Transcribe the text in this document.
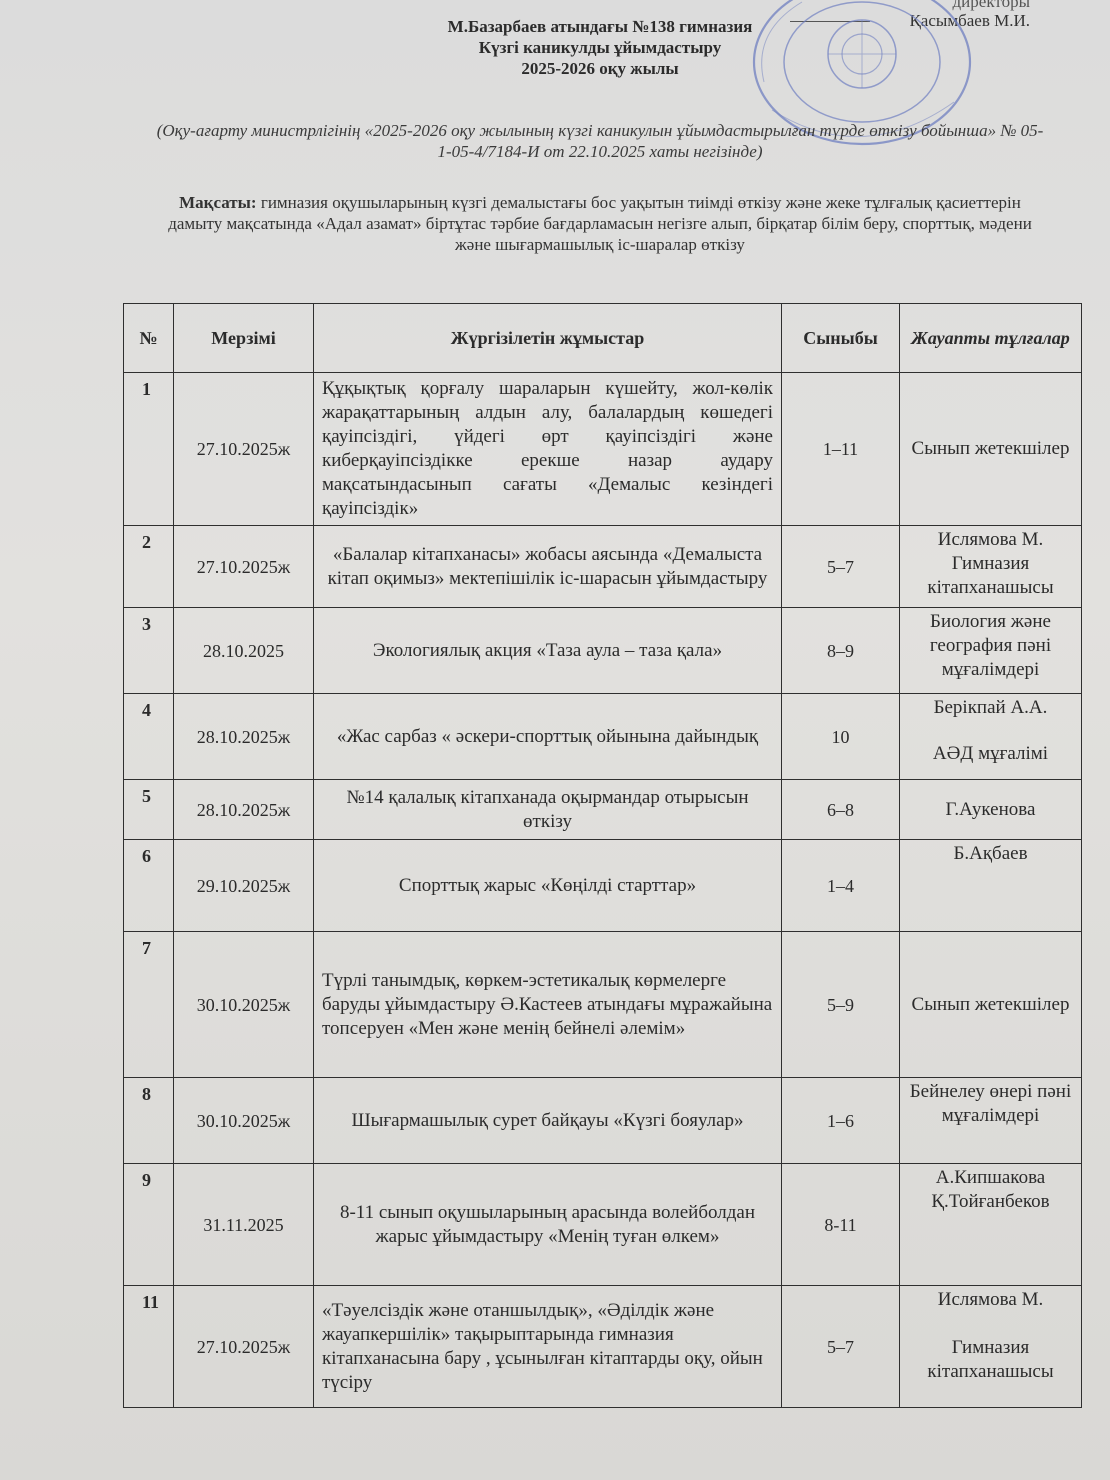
директоры
Қасымбаев М.И.
М.Базарбаев атындағы №138 гимназия
Күзгі каникулды ұйымдастыру
2025-2026 оқу жылы
(Оқу-ағарту министрлігінің «2025-2026 оқу жылының күзгі каникулын ұйымдастырылған түрде өткізу бойынша» № 05-1-05-4/7184-И от 22.10.2025 хаты негізінде)
Мақсаты: гимназия оқушыларының күзгі демалыстағы бос уақытын тиімді өткізу және жеке тұлғалық қасиеттерін дамыту мақсатында «Адал азамат» біртұтас тәрбие бағдарламасын негізге алып, бірқатар білім беру, спорттық, мәдени және шығармашылық іс-шаралар өткізу
№	Мерзімі	Жүргізілетін жұмыстар	Сыныбы	Жауапты тұлғалар
1	27.10.2025ж	Құқықтық қорғалу шараларын күшейту, жол-көлік жарақаттарының алдын алу, балалардың көшедегі қауіпсіздігі, үйдегі өрт қауіпсіздігі және киберқауіпсіздікке ерекше назар аудару мақсатындасынып сағаты «Демалыс кезіндегі қауіпсіздік»	1–11	Сынып жетекшілер
2	27.10.2025ж	«Балалар кітапханасы» жобасы аясында «Демалыста кітап оқимыз» мектепішілік іс-шарасын ұйымдастыру	5–7	Ислямова М. Гимназия кітапханашысы
3	28.10.2025	Экологиялық акция «Таза аула – таза қала»	8–9	Биология және география пәні мұғалімдері
4	28.10.2025ж	«Жас сарбаз « әскери-спорттық ойынына дайындық	10	Берікпай А.А.
АӘД мұғалімі

5	28.10.2025ж	№14 қалалық кітапханада оқырмандар отырысын өткізу	6–8	Г.Аукенова
6	29.10.2025ж	Спорттық жарыс «Көңілді старттар»	1–4	Б.Ақбаев
7	30.10.2025ж	Түрлі танымдық, көркем-эстетикалық көрмелерге баруды ұйымдастыру Ә.Кастеев атындағы мұражайына топсеруен «Мен және менің бейнелі әлемім»	5–9	Сынып жетекшілер
8	30.10.2025ж	Шығармашылық сурет байқауы «Күзгі бояулар»	1–6	Бейнелеу өнері пәні мұғалімдері
9	31.11.2025	8-11 сынып оқушыларының арасында волейболдан жарыс ұйымдастыру «Менің туған өлкем»	8-11	А.Кипшакова Қ.Тойғанбеков
11	27.10.2025ж	«Тәуелсіздік және отаншылдық», «Әділдік және жауапкершілік» тақырыптарында гимназия кітапханасына бару , ұсынылған кітаптарды оқу, ойын түсіру	5–7	Ислямова М.
Гимназия кітапханашысы
